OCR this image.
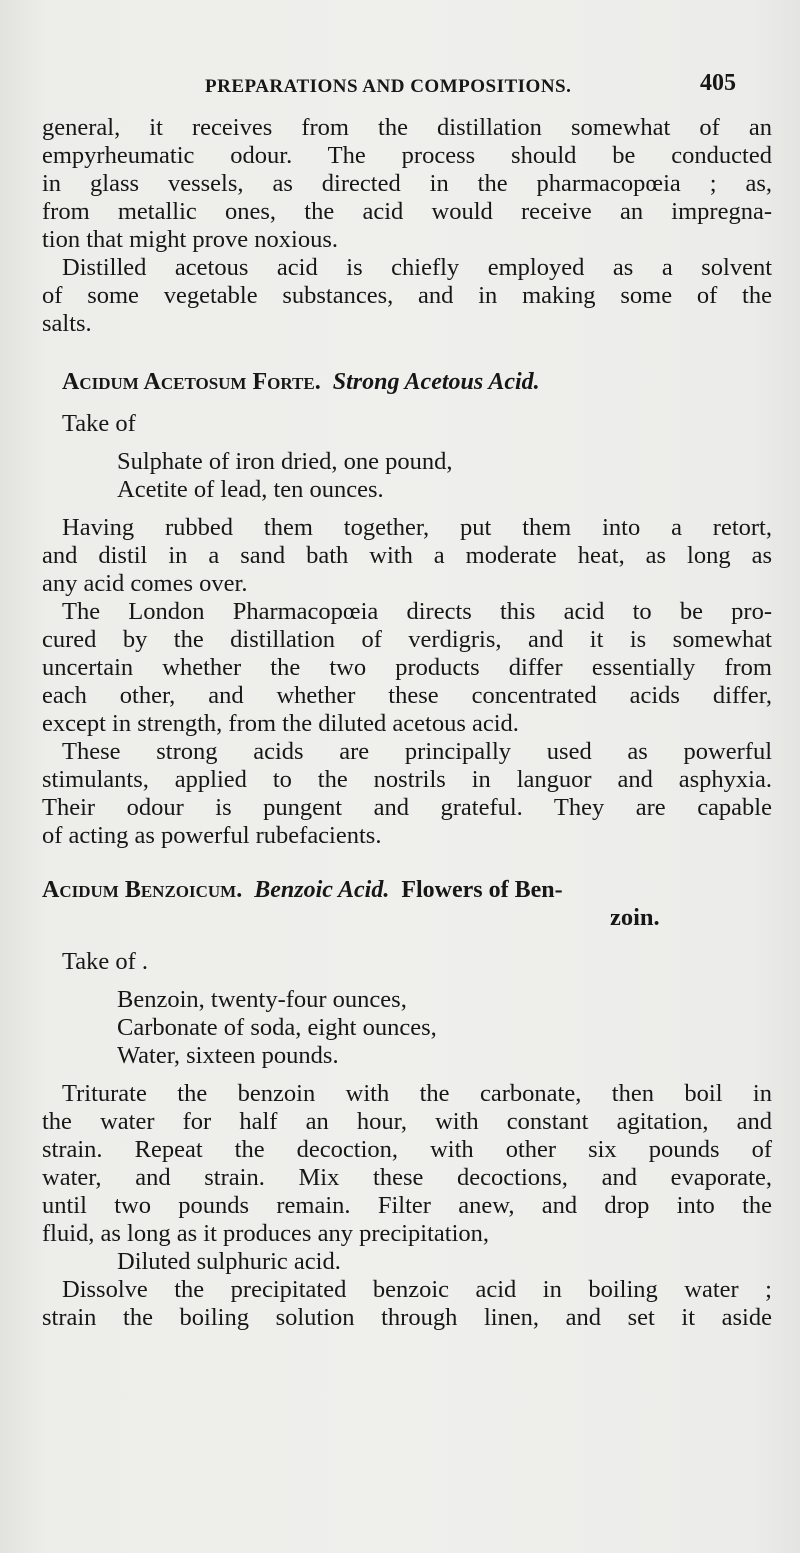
PREPARATIONS AND COMPOSITIONS.	405
general, it receives from the distillation somewhat of an
empyrheumatic odour. The process should be conducted
in glass vessels, as directed in the pharmacopœia ; as,
from metallic ones, the acid would receive an impregna-
tion that might prove noxious.
Distilled acetous acid is chiefly employed as a solvent
of some vegetable substances, and in making some of the
salts.
Acidum Acetosum Forte. Strong Acetous Acid.
Take of
Sulphate of iron dried, one pound,
Acetite of lead, ten ounces.
Having rubbed them together, put them into a retort,
and distil in a sand bath with a moderate heat, as long as
any acid comes over.
The London Pharmacopœia directs this acid to be pro-
cured by the distillation of verdigris, and it is somewhat
uncertain whether the two products differ essentially from
each other, and whether these concentrated acids differ,
except in strength, from the diluted acetous acid.
These strong acids are principally used as powerful
stimulants, applied to the nostrils in languor and asphyxia.
Their odour is pungent and grateful. They are capable
of acting as powerful rubefacients.
Acidum Benzoicum. Benzoic Acid. Flowers of Ben-
zoin.
Take of .
Benzoin, twenty-four ounces,
Carbonate of soda, eight ounces,
Water, sixteen pounds.
Triturate the benzoin with the carbonate, then boil in
the water for half an hour, with constant agitation, and
strain. Repeat the decoction, with other six pounds of
water, and strain. Mix these decoctions, and evaporate,
until two pounds remain. Filter anew, and drop into the
fluid, as long as it produces any precipitation,
Diluted sulphuric acid.
Dissolve the precipitated benzoic acid in boiling water ;
strain the boiling solution through linen, and set it aside
